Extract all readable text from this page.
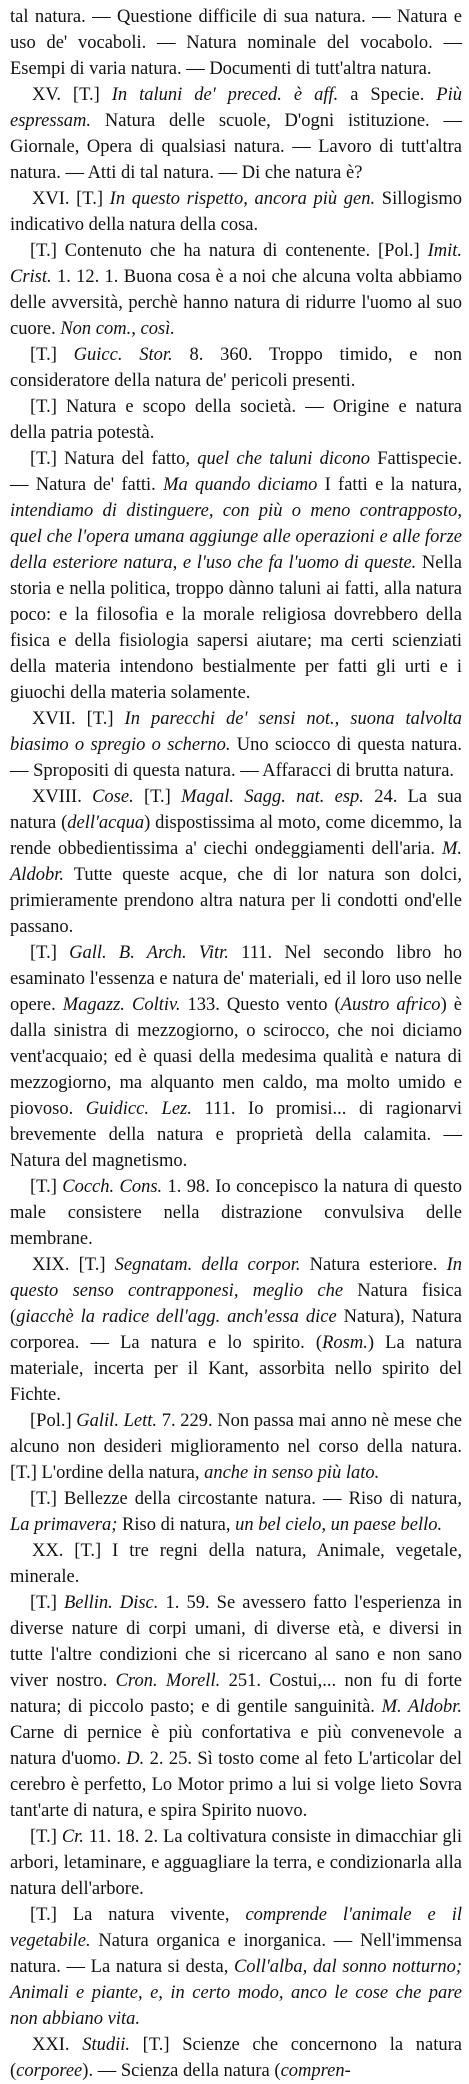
tal natura. — Questione difficile di sua natura. — Natura e uso de' vocaboli. — Natura nominale del vocabolo. — Esempi di varia natura. — Documenti di tutt'altra natura.

XV. [T.] In taluni de' preced. è aff. a Specie. Più espressam. Natura delle scuole, D'ogni istituzione. — Giornale, Opera di qualsiasi natura. — Lavoro di tutt'altra natura. — Atti di tal natura. — Di che natura è?

XVI. [T.] In questo rispetto, ancora più gen. Sillogismo indicativo della natura della cosa.

[T.] Contenuto che ha natura di contenente. [Pol.] Imit. Crist. 1. 12. 1. Buona cosa è a noi che alcuna volta abbiamo delle avversità, perchè hanno natura di ridurre l'uomo al suo cuore. Non com., così.

[T.] Guicc. Stor. 8. 360. Troppo timido, e non consideratore della natura de' pericoli presenti.

[T.] Natura e scopo della società. — Origine e natura della patria potestà.

[T.] Natura del fatto, quel che taluni dicono Fattispecie. — Natura de' fatti. Ma quando diciamo I fatti e la natura, intendiamo di distinguere, con più o meno contrapposto, quel che l'opera umana aggiunge alle operazioni e alle forze della esteriore natura, e l'uso che fa l'uomo di queste. Nella storia e nella politica, troppo dànno taluni ai fatti, alla natura poco: e la filosofia e la morale religiosa dovrebbero della fisica e della fisiologia sapersi aiutare; ma certi scienziati della materia intendono bestialmente per fatti gli urti e i giuochi della materia solamente.

XVII. [T.] In parecchi de' sensi not., suona talvolta biasimo o spregio o scherno. Uno sciocco di questa natura. — Spropositi di questa natura. — Affaracci di brutta natura.

XVIII. Cose. [T.] Magal. Sagg. nat. esp. 24. La sua natura (dell'acqua) dispostissima al moto, come dicemmo, la rende obbedientissima a' ciechi ondeggiamenti dell'aria. M. Aldobr. Tutte queste acque, che di lor natura son dolci, primieramente prendono altra natura per li condotti ond'elle passano.

[T.] Gall. B. Arch. Vitr. 111. Nel secondo libro ho esaminato l'essenza e natura de' materiali, ed il loro uso nelle opere. Magazz. Coltiv. 133. Questo vento (Austro africo) è dalla sinistra di mezzogiorno, o scirocco, che noi diciamo vent'acquaio; ed è quasi della medesima qualità e natura di mezzogiorno, ma alquanto men caldo, ma molto umido e piovoso. Guidicc. Lez. 111. Io promisi... di ragionarvi brevemente della natura e proprietà della calamita. — Natura del magnetismo.

[T.] Cocch. Cons. 1. 98. Io concepisco la natura di questo male consistere nella distrazione convulsiva delle membrane.

XIX. [T.] Segnatam. della corpor. Natura esteriore. In questo senso contrapponesi, meglio che Natura fisica (giacchè la radice dell'agg. anch'essa dice Natura), Natura corporea. — La natura e lo spirito. (Rosm.) La natura materiale, incerta per il Kant, assorbita nello spirito del Fichte.

[Pol.] Galil. Lett. 7. 229. Non passa mai anno nè mese che alcuno non desideri miglioramento nel corso della natura. [T.] L'ordine della natura, anche in senso più lato.

[T.] Bellezze della circostante natura. — Riso di natura, La primavera; Riso di natura, un bel cielo, un paese bello.

XX. [T.] I tre regni della natura, Animale, vegetale, minerale.

[T.] Bellin. Disc. 1. 59. Se avessero fatto l'esperienza in diverse nature di corpi umani, di diverse età, e diversi in tutte l'altre condizioni che si ricercano al sano e non sano viver nostro. Cron. Morell. 251. Costui,... non fu di forte natura; di piccolo pasto; e di gentile sanguinità. M. Aldobr. Carne di pernice è più confortativa e più convenevole a natura d'uomo. D. 2. 25. Sì tosto come al feto L'articolar del cerebro è perfetto, Lo Motor primo a lui si volge lieto Sovra tant'arte di natura, e spira Spirito nuovo.

[T.] Cr. 11. 18. 2. La coltivatura consiste in dimacchiar gli arbori, letaminare, e agguagliare la terra, e condizionarla alla natura dell'arbore.

[T.] La natura vivente, comprende l'animale e il vegetabile. Natura organica e inorganica. — Nell'immensa natura. — La natura si desta, Coll'alba, dal sonno notturno; Animali e piante, e, in certo modo, anco le cose che pare non abbiano vita.

XXI. Studii. [T.] Scienze che concernono la natura (corporee). — Scienza della natura (compren-
